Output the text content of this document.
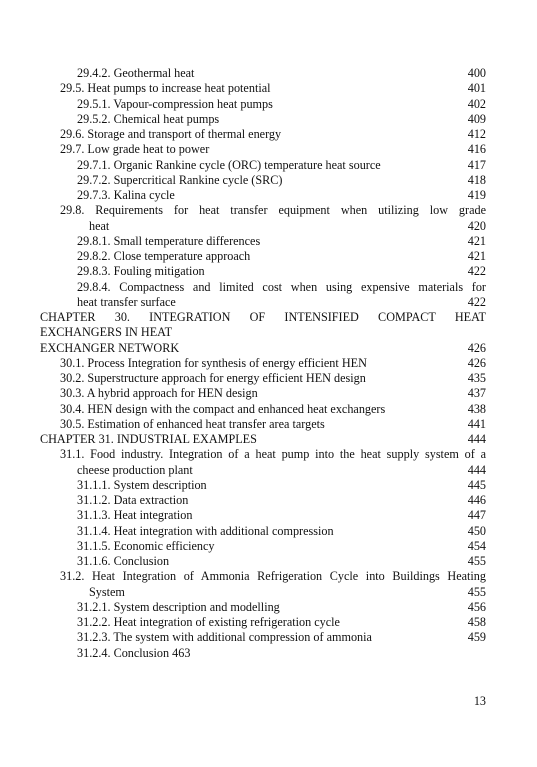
29.4.2. Geothermal heat	400
29.5. Heat pumps to increase heat potential	401
29.5.1. Vapour-compression heat pumps	402
29.5.2. Chemical heat pumps	409
29.6. Storage and transport of thermal energy	412
29.7. Low grade heat to power	416
29.7.1. Organic Rankine cycle (ORC) temperature heat source	417
29.7.2. Supercritical Rankine cycle (SRC)	418
29.7.3. Kalina cycle	419
29.8. Requirements for heat transfer equipment when utilizing low grade
heat	420
29.8.1. Small temperature differences	421
29.8.2. Close temperature approach	421
29.8.3. Fouling mitigation	422
29.8.4. Compactness and limited cost when using expensive materials for
heat transfer surface	422
CHAPTER 30. INTEGRATION OF INTENSIFIED COMPACT HEAT
EXCHANGERS IN HEAT
EXCHANGER NETWORK	426
30.1. Process Integration for synthesis of energy efficient HEN	426
30.2. Superstructure approach for energy efficient HEN design	435
30.3. A hybrid approach for HEN design	437
30.4. HEN design with the compact and enhanced heat exchangers	438
30.5. Estimation of enhanced heat transfer area targets	441
CHAPTER 31. INDUSTRIAL EXAMPLES	444
31.1. Food industry. Integration of a heat pump into the heat supply system of a
cheese production plant	444
31.1.1. System description	445
31.1.2. Data extraction	446
31.1.3. Heat integration	447
31.1.4. Heat integration with additional compression	450
31.1.5. Economic efficiency	454
31.1.6. Conclusion	455
31.2. Heat Integration of Ammonia Refrigeration Cycle into Buildings Heating
System	455
31.2.1. System description and modelling	456
31.2.2. Heat integration of existing refrigeration cycle	458
31.2.3. The system with additional compression of ammonia	459
31.2.4. Conclusion 463
13
